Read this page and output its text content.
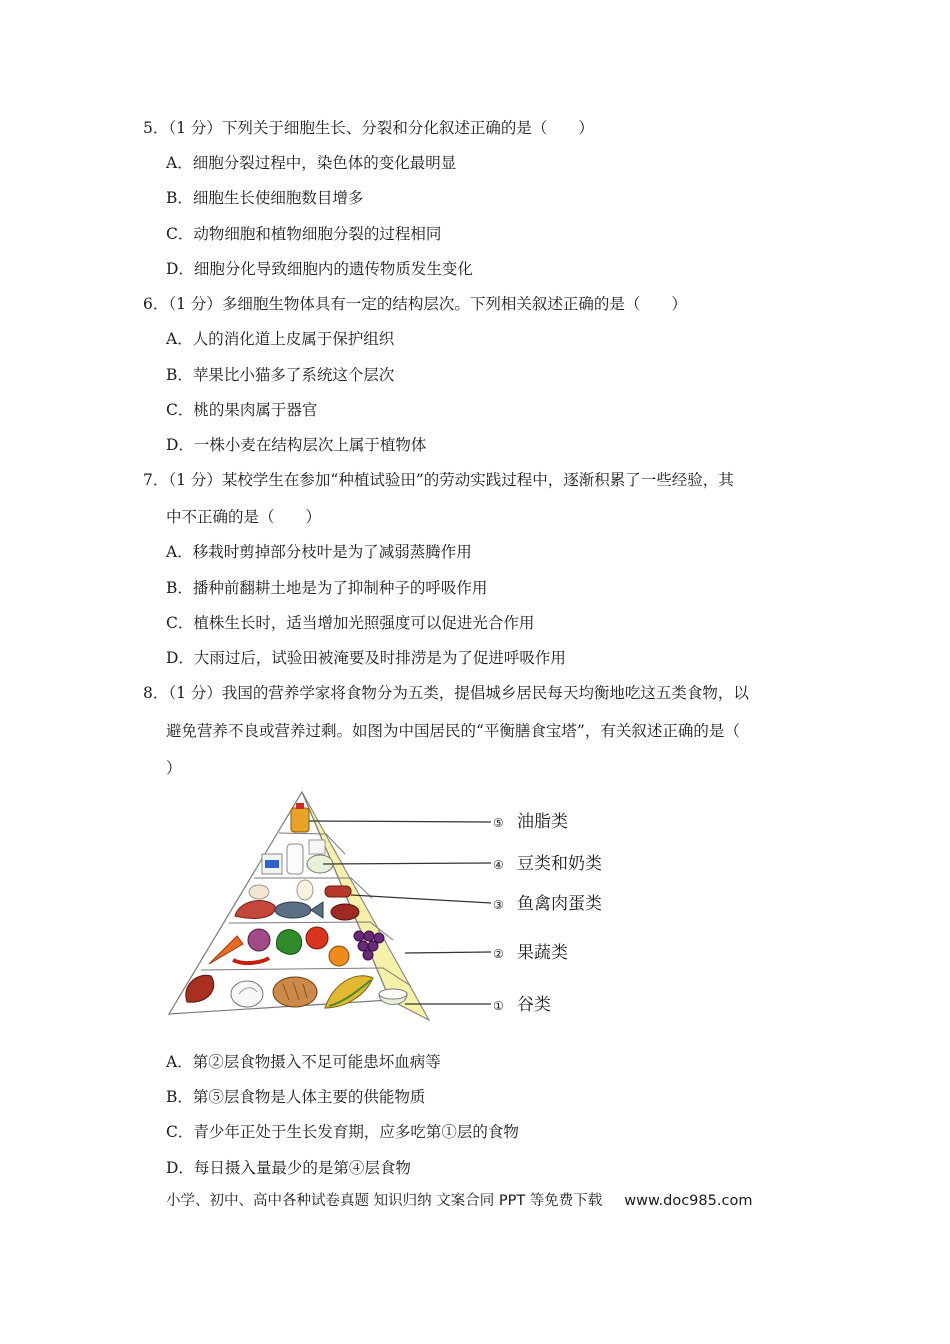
5．（1 分）下列关于细胞生长、分裂和分化叙述正确的是（　　）
A．细胞分裂过程中，染色体的变化最明显
B．细胞生长使细胞数目增多
C．动物细胞和植物细胞分裂的过程相同
D．细胞分化导致细胞内的遗传物质发生变化
6．（1 分）多细胞生物体具有一定的结构层次。下列相关叙述正确的是（　　）
A．人的消化道上皮属于保护组织
B．苹果比小猫多了系统这个层次
C．桃的果肉属于器官
D．一株小麦在结构层次上属于植物体
7．（1 分）某校学生在参加“种植试验田”的劳动实践过程中，逐渐积累了一些经验，其
中不正确的是（　　）
A．移栽时剪掉部分枝叶是为了减弱蒸腾作用
B．播种前翻耕土地是为了抑制种子的呼吸作用
C．植株生长时，适当增加光照强度可以促进光合作用
D．大雨过后，试验田被淹要及时排涝是为了促进呼吸作用
8．（1 分）我国的营养学家将食物分为五类，提倡城乡居民每天均衡地吃这五类食物，以
避免营养不良或营养过剩。如图为中国居民的“平衡膳食宝塔”，有关叙述正确的是（
）
⑤ 油脂类
④ 豆类和奶类
③ 鱼禽肉蛋类
② 果蔬类
① 谷类
A．第②层食物摄入不足可能患坏血病等
B．第⑤层食物是人体主要的供能物质
C．青少年正处于生长发育期，应多吃第①层的食物
D．每日摄入量最少的是第④层食物
小学、初中、高中各种试卷真题 知识归纳 文案合同 PPT 等免费下载 www.doc985.com
